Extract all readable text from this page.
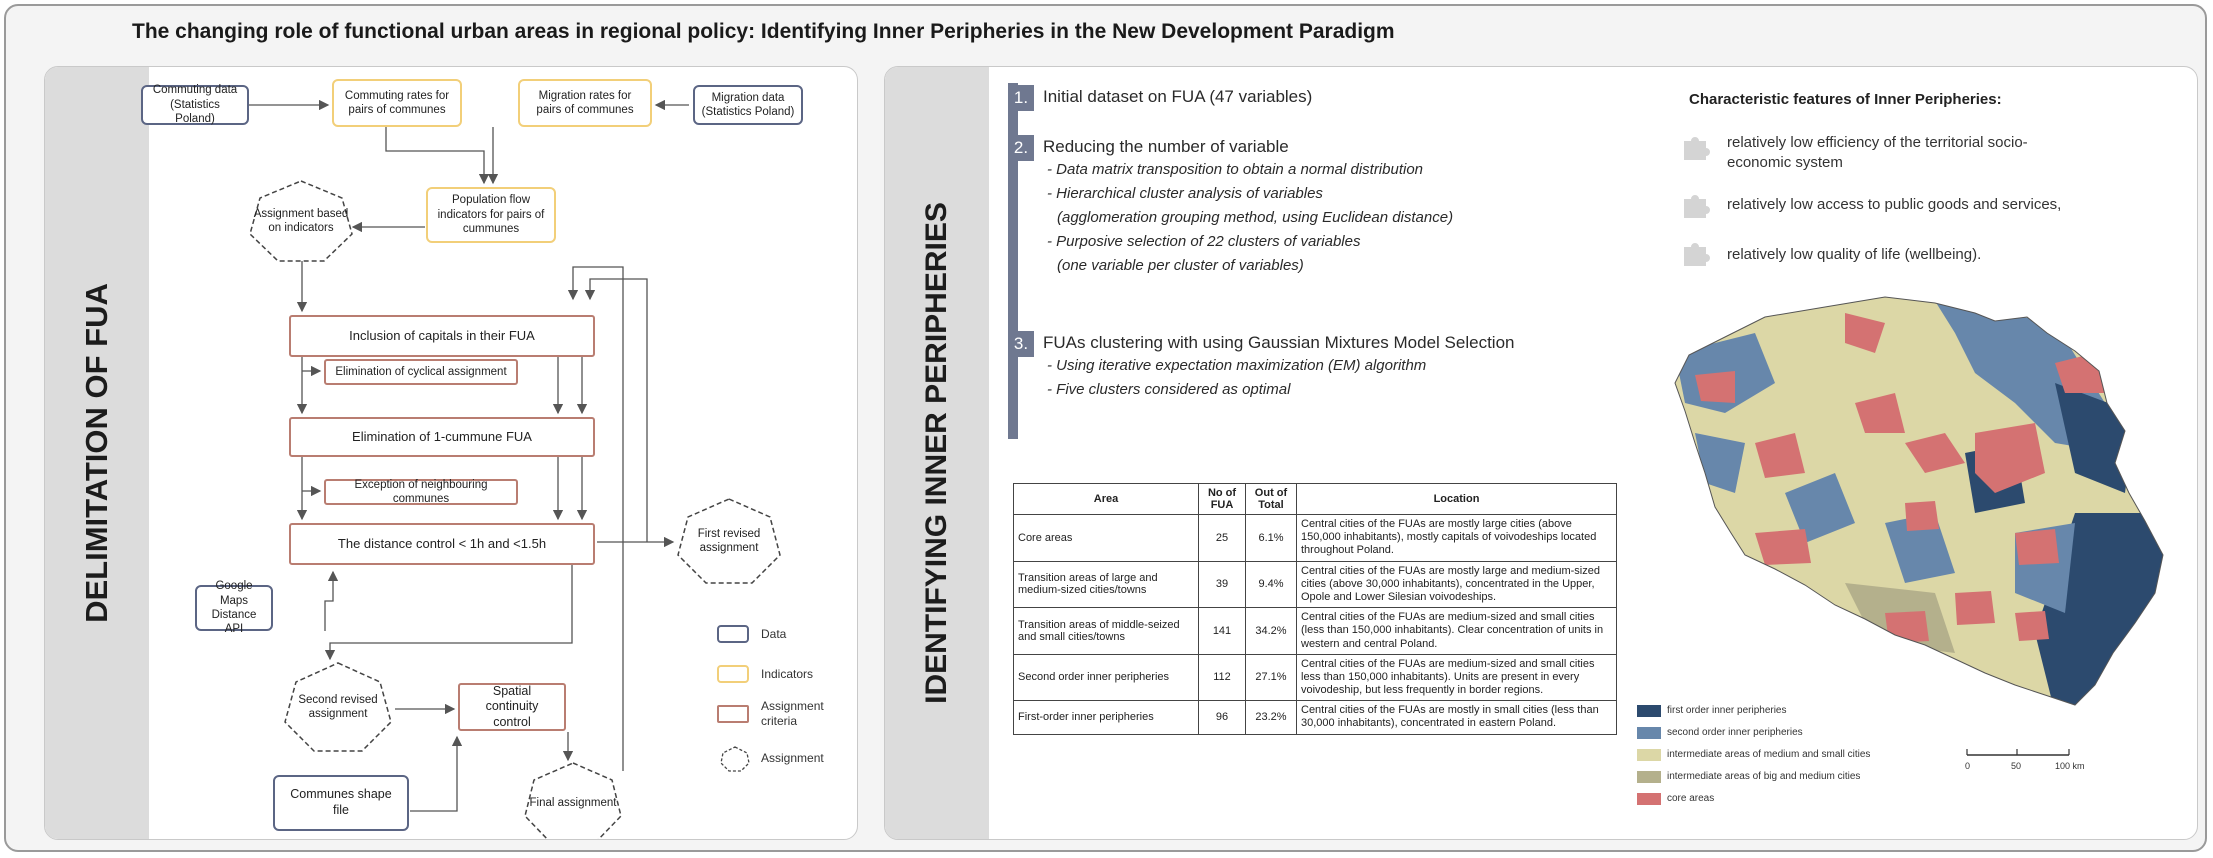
The changing role of functional urban areas in regional policy: Identifying Inner Peripheries in the New Development Paradigm
DELIMITATION OF FUA
Commuting data (Statistics Poland)
Commuting rates for pairs of communes
Migration rates for pairs of communes
Migration data (Statistics Poland)
Population flow indicators for pairs of cummunes
Assignment based on indicators
Inclusion of capitals in their FUA
Elimination of cyclical assignment
Elimination of 1-cummune FUA
Exception of neighbouring communes
The distance control < 1h and <1.5h
First revised assignment
Google Maps Distance API
Second revised assignment
Spatial continuity control
Communes shape file
Final assignment
Data
Indicators
Assignment criteria
Assignment
IDENTIFYING INNER PERIPHERIES
1. Initial dataset on FUA (47 variables)
2. Reducing the number of variable
- Data matrix transposition to obtain a normal distribution
- Hierarchical cluster analysis of variables
(agglomeration grouping method, using Euclidean distance)
- Purposive selection of 22 clusters of variables
(one variable per cluster of variables)
3. FUAs clustering with using Gaussian Mixtures Model Selection
- Using iterative expectation maximization (EM) algorithm
- Five clusters considered as optimal
Characteristic features of Inner Peripheries:
relatively low efficiency of the territorial socio-economic system
relatively low access to public goods and services,
relatively low quality of life (wellbeing).
Area	No of FUA	Out of Total	Location
Core areas	25	6.1%	Central cities of the FUAs are mostly large cities (above 150,000 inhabitants), mostly capitals of voivodeships located throughout Poland.
Transition areas of large and medium-sized cities/towns	39	9.4%	Central cities of the FUAs are mostly large and medium-sized cities (above 30,000 inhabitants), concentrated in the Upper, Opole and Lower Silesian voivodeships.
Transition areas of middle-seized and small cities/towns	141	34.2%	Central cities of the FUAs are medium-sized and small cities (less than 150,000 inhabitants). Clear concentration of units in western and central Poland.
Second order inner peripheries	112	27.1%	Central cities of the FUAs are medium-sized and small cities less than 150,000 inhabitants). Units are present in every voivodeship, but less frequently in border regions.
First-order inner peripheries	96	23.2%	Central cities of the FUAs are mostly in small cities (less than 30,000 inhabitants), concentrated in eastern Poland.
first order inner peripheries
second order inner peripheries
intermediate areas of medium and small cities
intermediate areas of big and medium cities
core areas
0	50	100 km
